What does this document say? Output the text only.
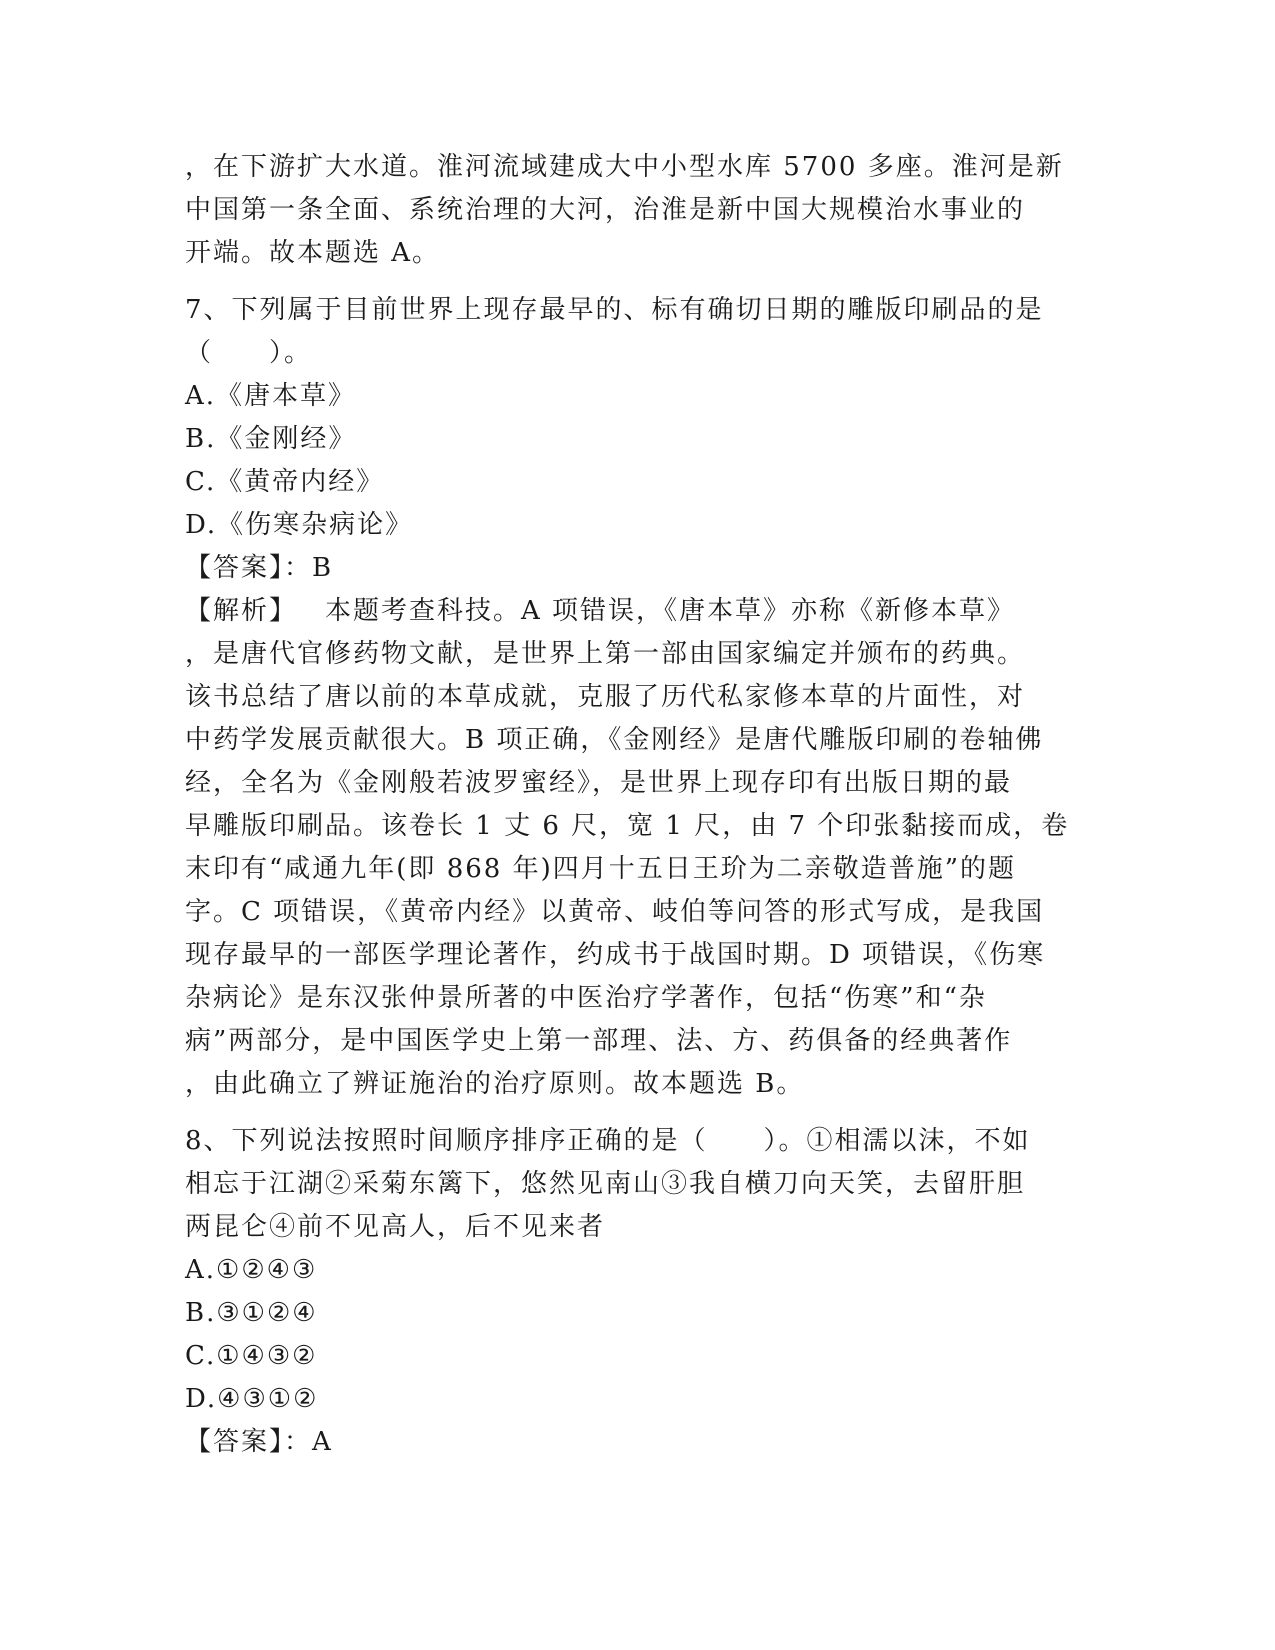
，在下游扩大水道。淮河流域建成大中小型水库 5700 多座。淮河是新
中国第一条全面、系统治理的大河，治淮是新中国大规模治水事业的
开端。故本题选 A。
7、下列属于目前世界上现存最早的、标有确切日期的雕版印刷品的是
（　　）。
A.《唐本草》
B.《金刚经》
C.《黄帝内经》
D.《伤寒杂病论》
【答案】：B
【解析】 本题考查科技。A 项错误，《唐本草》亦称《新修本草》
，是唐代官修药物文献，是世界上第一部由国家编定并颁布的药典。
该书总结了唐以前的本草成就，克服了历代私家修本草的片面性，对
中药学发展贡献很大。B 项正确，《金刚经》是唐代雕版印刷的卷轴佛
经，全名为《金刚般若波罗蜜经》，是世界上现存印有出版日期的最
早雕版印刷品。该卷长 1 丈 6 尺，宽 1 尺，由 7 个印张黏接而成，卷
末印有“咸通九年(即 868 年)四月十五日王玠为二亲敬造普施”的题
字。C 项错误，《黄帝内经》以黄帝、岐伯等问答的形式写成，是我国
现存最早的一部医学理论著作，约成书于战国时期。D 项错误，《伤寒
杂病论》是东汉张仲景所著的中医治疗学著作，包括“伤寒”和“杂
病”两部分，是中国医学史上第一部理、法、方、药俱备的经典著作
，由此确立了辨证施治的治疗原则。故本题选 B。
8、下列说法按照时间顺序排序正确的是（　　）。①相濡以沫，不如
相忘于江湖②采菊东篱下，悠然见南山③我自横刀向天笑，去留肝胆
两昆仑④前不见高人，后不见来者
A.①②④③
B.③①②④
C.①④③②
D.④③①②
【答案】：A
